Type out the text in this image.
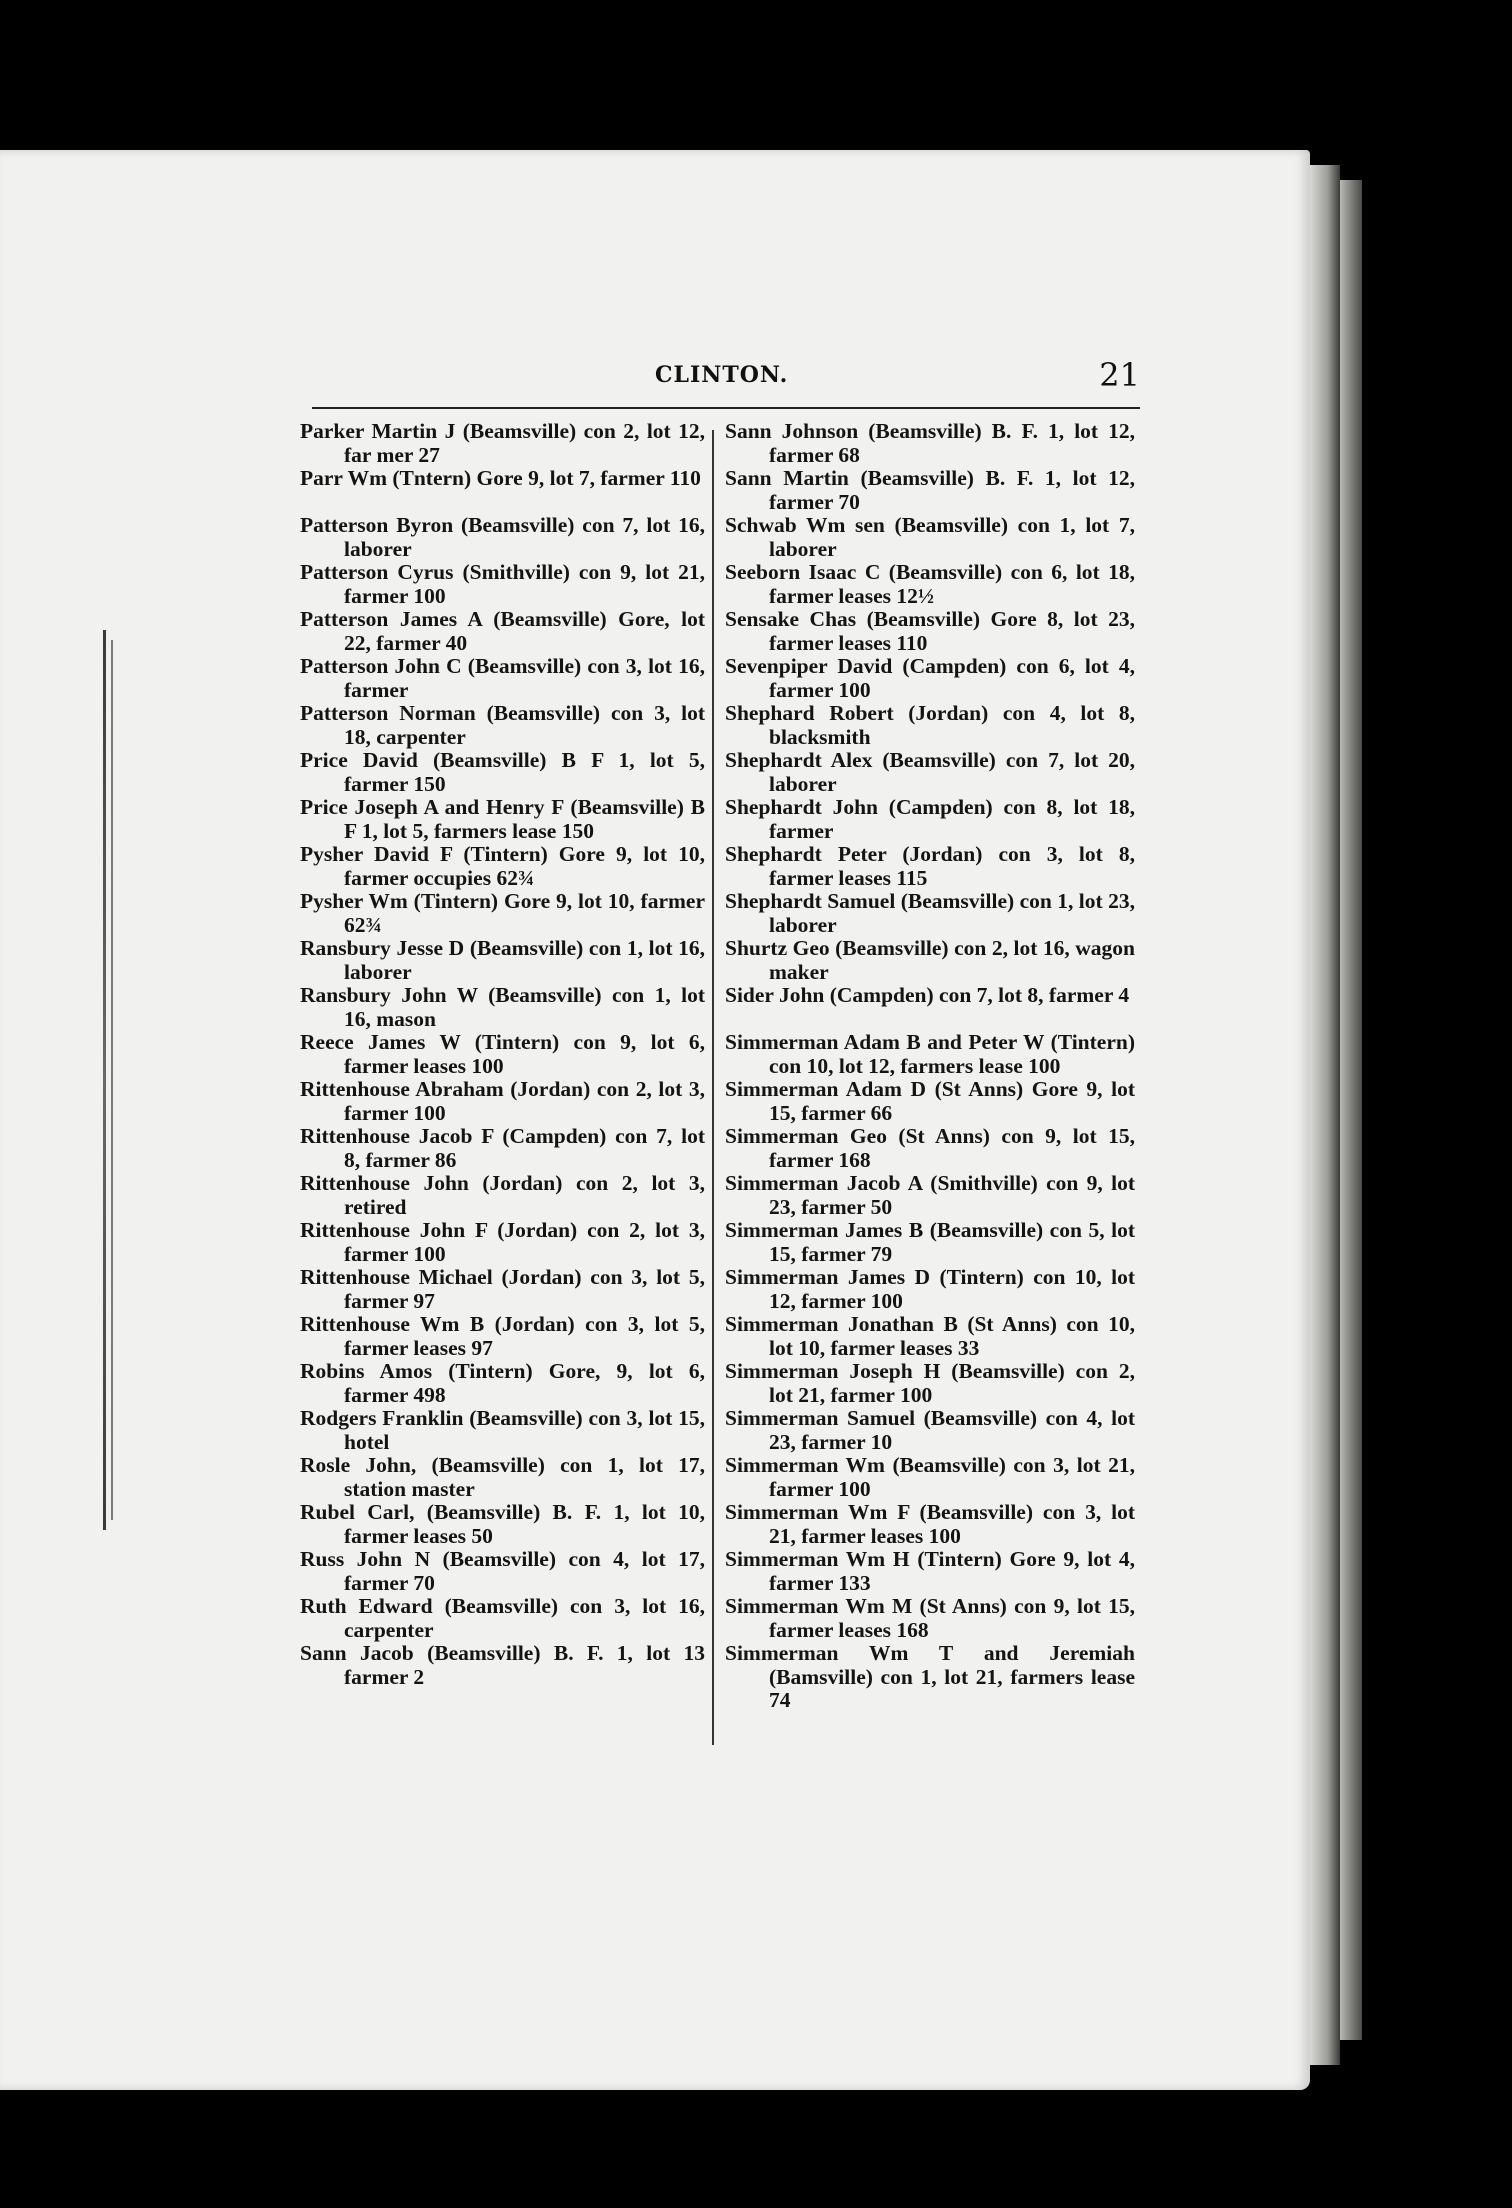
CLINTON.	21
Parker Martin J (Beamsville) con 2, lot 12, far mer 27
Parr Wm (Tntern) Gore 9, lot 7, farmer 110
Patterson Byron (Beamsville) con 7, lot 16, laborer
Patterson Cyrus (Smithville) con 9, lot 21, farmer 100
Patterson James A (Beamsville) Gore, lot 22, farmer 40
Patterson John C (Beamsville) con 3, lot 16, farmer
Patterson Norman (Beamsville) con 3, lot 18, carpenter
Price David (Beamsville) B F 1, lot 5, farmer 150
Price Joseph A and Henry F (Beamsville) B F 1, lot 5, farmers lease 150
Pysher David F (Tintern) Gore 9, lot 10, farmer occupies 62¾
Pysher Wm (Tintern) Gore 9, lot 10, farmer 62¾
Ransbury Jesse D (Beamsville) con 1, lot 16, laborer
Ransbury John W (Beamsville) con 1, lot 16, mason
Reece James W (Tintern) con 9, lot 6, farmer leases 100
Rittenhouse Abraham (Jordan) con 2, lot 3, farmer 100
Rittenhouse Jacob F (Campden) con 7, lot 8, farmer 86
Rittenhouse John (Jordan) con 2, lot 3, retired
Rittenhouse John F (Jordan) con 2, lot 3, farmer 100
Rittenhouse Michael (Jordan) con 3, lot 5, farmer 97
Rittenhouse Wm B (Jordan) con 3, lot 5, farmer leases 97
Robins Amos (Tintern) Gore, 9, lot 6, farmer 498
Rodgers Franklin (Beamsville) con 3, lot 15, hotel
Rosle John, (Beamsville) con 1, lot 17, station master
Rubel Carl, (Beamsville) B. F. 1, lot 10, farmer leases 50
Russ John N (Beamsville) con 4, lot 17, farmer 70
Ruth Edward (Beamsville) con 3, lot 16, carpenter
Sann Jacob (Beamsville) B. F. 1, lot 13 farmer 2
Sann Johnson (Beamsville) B. F. 1, lot 12, farmer 68
Sann Martin (Beamsville) B. F. 1, lot 12, farmer 70
Schwab Wm sen (Beamsville) con 1, lot 7, laborer
Seeborn Isaac C (Beamsville) con 6, lot 18, farmer leases 12½
Sensake Chas (Beamsville) Gore 8, lot 23, farmer leases 110
Sevenpiper David (Campden) con 6, lot 4, farmer 100
Shephard Robert (Jordan) con 4, lot 8, blacksmith
Shephardt Alex (Beamsville) con 7, lot 20, laborer
Shephardt John (Campden) con 8, lot 18, farmer
Shephardt Peter (Jordan) con 3, lot 8, farmer leases 115
Shephardt Samuel (Beamsville) con 1, lot 23, laborer
Shurtz Geo (Beamsville) con 2, lot 16, wagon maker
Sider John (Campden) con 7, lot 8, farmer 4
Simmerman Adam B and Peter W (Tintern) con 10, lot 12, farmers lease 100
Simmerman Adam D (St Anns) Gore 9, lot 15, farmer 66
Simmerman Geo (St Anns) con 9, lot 15, farmer 168
Simmerman Jacob A (Smithville) con 9, lot 23, farmer 50
Simmerman James B (Beamsville) con 5, lot 15, farmer 79
Simmerman James D (Tintern) con 10, lot 12, farmer 100
Simmerman Jonathan B (St Anns) con 10, lot 10, farmer leases 33
Simmerman Joseph H (Beamsville) con 2, lot 21, farmer 100
Simmerman Samuel (Beamsville) con 4, lot 23, farmer 10
Simmerman Wm (Beamsville) con 3, lot 21, farmer 100
Simmerman Wm F (Beamsville) con 3, lot 21, farmer leases 100
Simmerman Wm H (Tintern) Gore 9, lot 4, farmer 133
Simmerman Wm M (St Anns) con 9, lot 15, farmer leases 168
Simmerman Wm T and Jeremiah (Bamsville) con 1, lot 21, farmers lease 74
